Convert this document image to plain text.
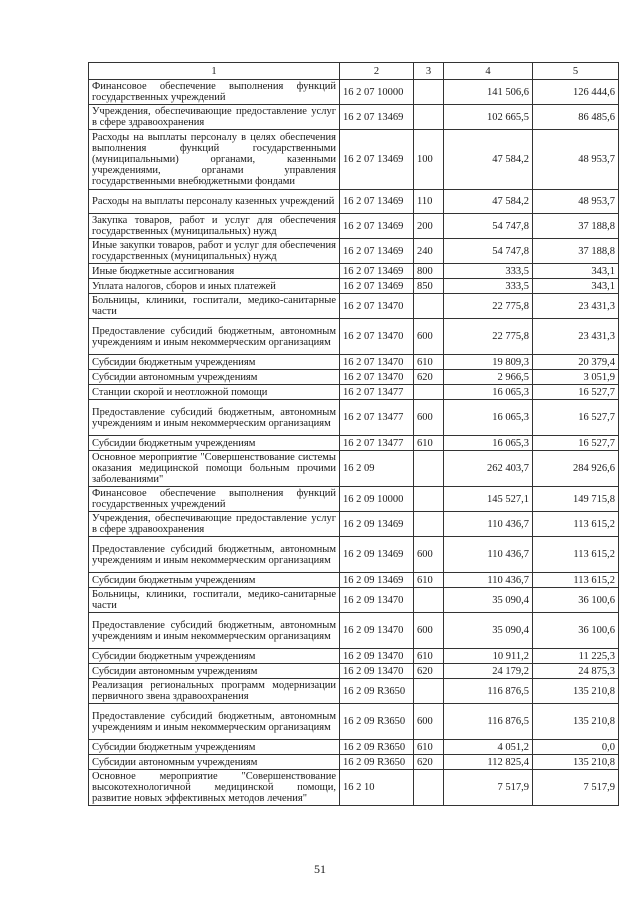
1	2	3	4	5
Финансовое обеспечение выполнения функций государственных учреждений	16 2 07 10000		141 506,6	126 444,6
Учреждения, обеспечивающие предоставление услуг в сфере здравоохранения	16 2 07 13469		102 665,5	86 485,6
Расходы на выплаты персоналу в целях обеспечения выполнения функций государственными (муниципальными) органами, казенными учреждениями, органами управления государственными внебюджетными фондами	16 2 07 13469	100	47 584,2	48 953,7
Расходы на выплаты персоналу казенных учреждений	16 2 07 13469	110	47 584,2	48 953,7
Закупка товаров, работ и услуг для обеспечения государственных (муниципальных) нужд	16 2 07 13469	200	54 747,8	37 188,8
Иные закупки товаров, работ и услуг для обеспечения государственных (муниципальных) нужд	16 2 07 13469	240	54 747,8	37 188,8
Иные бюджетные ассигнования	16 2 07 13469	800	333,5	343,1
Уплата налогов, сборов и иных платежей	16 2 07 13469	850	333,5	343,1
Больницы, клиники, госпитали, медико-санитарные части	16 2 07 13470		22 775,8	23 431,3
Предоставление субсидий бюджетным, автономным учреждениям и иным некоммерческим организациям	16 2 07 13470	600	22 775,8	23 431,3
Субсидии бюджетным учреждениям	16 2 07 13470	610	19 809,3	20 379,4
Субсидии автономным учреждениям	16 2 07 13470	620	2 966,5	3 051,9
Станции скорой и неотложной помощи	16 2 07 13477		16 065,3	16 527,7
Предоставление субсидий бюджетным, автономным учреждениям и иным некоммерческим организациям	16 2 07 13477	600	16 065,3	16 527,7
Субсидии бюджетным учреждениям	16 2 07 13477	610	16 065,3	16 527,7
Основное мероприятие "Совершенствование системы оказания медицинской помощи больным прочими заболеваниями"	16 2 09		262 403,7	284 926,6
Финансовое обеспечение выполнения функций государственных учреждений	16 2 09 10000		145 527,1	149 715,8
Учреждения, обеспечивающие предоставление услуг в сфере здравоохранения	16 2 09 13469		110 436,7	113 615,2
Предоставление субсидий бюджетным, автономным учреждениям и иным некоммерческим организациям	16 2 09 13469	600	110 436,7	113 615,2
Субсидии бюджетным учреждениям	16 2 09 13469	610	110 436,7	113 615,2
Больницы, клиники, госпитали, медико-санитарные части	16 2 09 13470		35 090,4	36 100,6
Предоставление субсидий бюджетным, автономным учреждениям и иным некоммерческим организациям	16 2 09 13470	600	35 090,4	36 100,6
Субсидии бюджетным учреждениям	16 2 09 13470	610	10 911,2	11 225,3
Субсидии автономным учреждениям	16 2 09 13470	620	24 179,2	24 875,3
Реализация региональных программ модернизации первичного звена здравоохранения	16 2 09 R3650		116 876,5	135 210,8
Предоставление субсидий бюджетным, автономным учреждениям и иным некоммерческим организациям	16 2 09 R3650	600	116 876,5	135 210,8
Субсидии бюджетным учреждениям	16 2 09 R3650	610	4 051,2	0,0
Субсидии автономным учреждениям	16 2 09 R3650	620	112 825,4	135 210,8
Основное мероприятие "Совершенствование высокотехнологичной медицинской помощи, развитие новых эффективных методов лечения"	16 2 10		7 517,9	7 517,9
51
